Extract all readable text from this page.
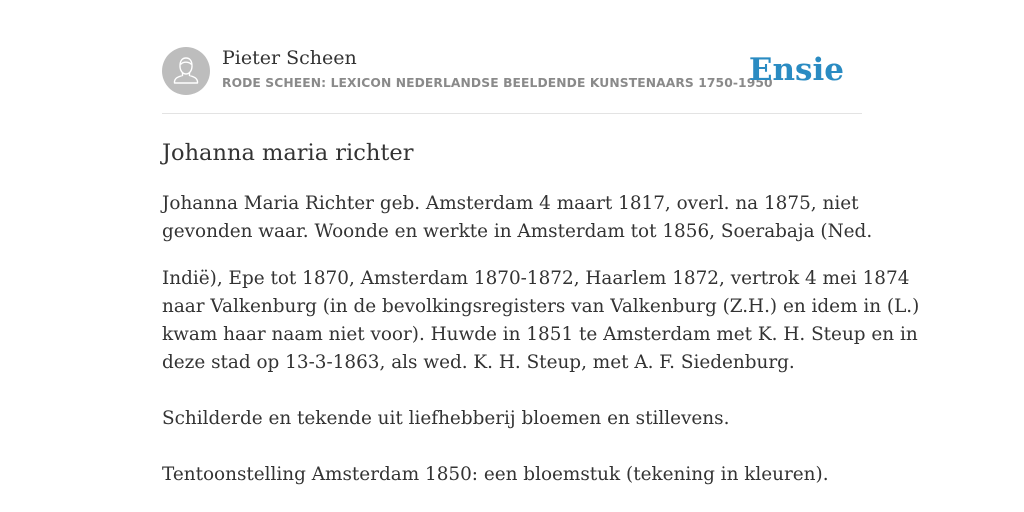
Pieter Scheen
RODE SCHEEN: LEXICON NEDERLANDSE BEELDENDE KUNSTENAARS 1750-1950
Ensie
Johanna maria richter

Johanna Maria Richter geb. Amsterdam 4 maart 1817, overl. na 1875, niet
gevonden waar. Woonde en werkte in Amsterdam tot 1856, Soerabaja (Ned.

Indië), Epe tot 1870, Amsterdam 1870-1872, Haarlem 1872, vertrok 4 mei 1874
naar Valkenburg (in de bevolkingsregisters van Valkenburg (Z.H.) en idem in (L.)
kwam haar naam niet voor). Huwde in 1851 te Amsterdam met K. H. Steup en in
deze stad op 13-3-1863, als wed. K. H. Steup, met A. F. Siedenburg.

Schilderde en tekende uit liefhebberij bloemen en stillevens.

Tentoonstelling Amsterdam 1850: een bloemstuk (tekening in kleuren).
